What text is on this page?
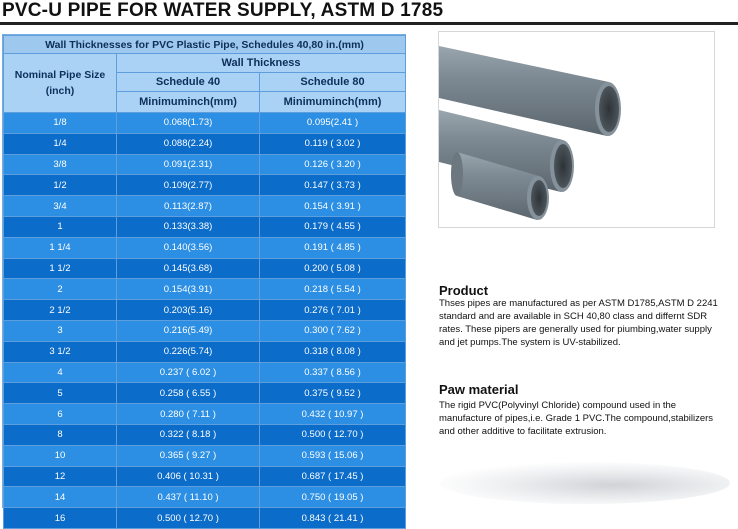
PVC-U PIPE FOR WATER SUPPLY, ASTM D 1785
Wall Thicknesses for PVC Plastic Pipe, Schedules 40,80 in.(mm)		
Nominal Pipe Size (inch)	Wall Thickness	
	Schedule 40	Schedule 80
	Minimuminch(mm)	Minimuminch(mm)
1/8	0.068(1.73)	0.095(2.41 )
1/4	0.088(2.24)	0.119 ( 3.02 )
3/8	0.091(2.31)	0.126 ( 3.20 )
1/2	0.109(2.77)	0.147 ( 3.73 )
3/4	0.113(2.87)	0.154 ( 3.91 )
1	0.133(3.38)	0.179 ( 4.55 )
1 1/4	0.140(3.56)	0.191 ( 4.85 )
1 1/2	0.145(3.68)	0.200 ( 5.08 )
2	0.154(3.91)	0.218 ( 5.54 )
2 1/2	0.203(5.16)	0.276 ( 7.01 )
3	0.216(5.49)	0.300 ( 7.62 )
3 1/2	0.226(5.74)	0.318 ( 8.08 )
4	0.237 ( 6.02 )	0.337 ( 8.56 )
5	0.258 ( 6.55 )	0.375 ( 9.52 )
6	0.280 ( 7.11 )	0.432 ( 10.97 )
8	0.322 ( 8.18 )	0.500 ( 12.70 )
10	0.365 ( 9.27 )	0.593 ( 15.06 )
12	0.406 ( 10.31 )	0.687 ( 17.45 )
14	0.437 ( 11.10 )	0.750 ( 19.05 )
16	0.500 ( 12.70 )	0.843 ( 21.41 )
Product
Thses pipes are manufactured as per ASTM D1785,ASTM D 2241 standard and are available in SCH 40,80 class and differnt SDR rates. These pipers are generally used for piumbing,water supply and jet pumps.The system is UV-stabilized.
Paw material
The rigid PVC(Polyvinyl Chloride) compound used in the manufacture of pipes,i.e. Grade 1 PVC.The compound,stabilizers and other additive to facilitate extrusion.
